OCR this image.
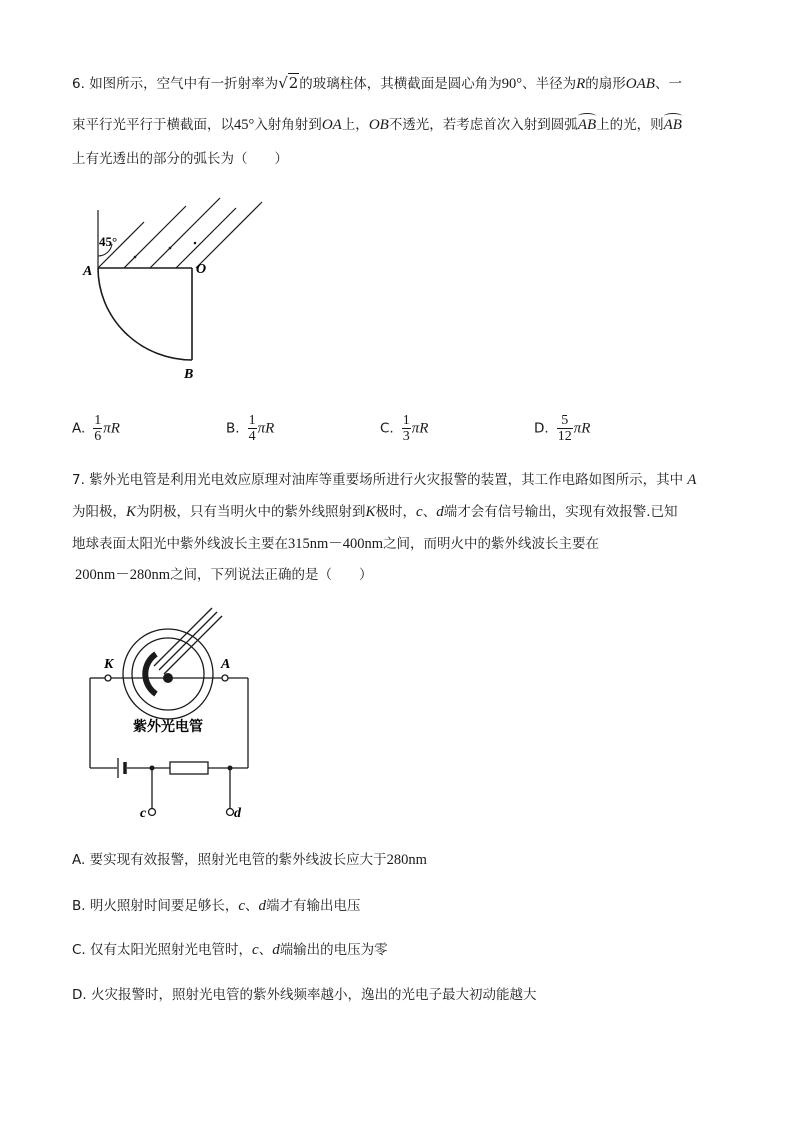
6. 如图所示，空气中有一折射率为√2的玻璃柱体，其横截面是圆心角为90°、半径为R的扇形OAB、一
束平行光平行于横截面，以45°入射角射到OA上，OB不透光，若考虑首次入射到圆弧AB上的光，则AB
上有光透出的部分的弧长为（　　）
45°
A	O
B
A. $\frac{1}{6}$ πR	B. $\frac{1}{4}$ πR	C. $\frac{1}{3}$ πR	D. $\frac{5}{12}$ πR
7. 紫外光电管是利用光电效应原理对油库等重要场所进行火灾报警的装置，其工作电路如图所示，其中 A
为阳极，K为阴极，只有当明火中的紫外线照射到K极时，c、d端才会有信号输出，实现有效报警.已知
地球表面太阳光中紫外线波长主要在315nm－400nm之间，而明火中的紫外线波长主要在
200nm－280nm之间，下列说法正确的是（　　）
K	A
紫外光电管
c	d
A. 要实现有效报警，照射光电管的紫外线波长应大于280nm
B. 明火照射时间要足够长，c、d端才有输出电压
C. 仅有太阳光照射光电管时，c、d端输出的电压为零
D. 火灾报警时，照射光电管的紫外线频率越小，逸出的光电子最大初动能越大
